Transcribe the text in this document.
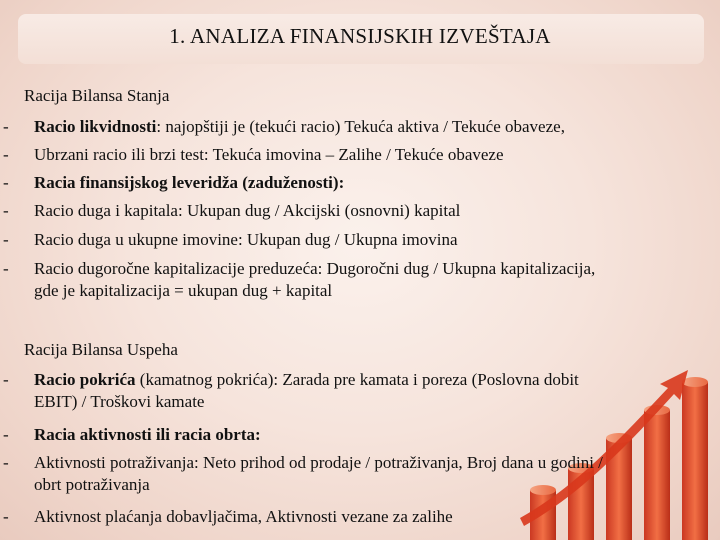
1. ANALIZA FINANSIJSKIH IZVEŠTAJA
Racija Bilansa Stanja
- Racio likvidnosti: najopštiji je (tekući racio) Tekuća aktiva / Tekuće obaveze,
- Ubrzani racio ili brzi test: Tekuća imovina – Zalihe / Tekuće obaveze
- Racia finansijskog leveridža (zaduženosti):
- Racio duga i kapitala: Ukupan dug / Akcijski (osnovni) kapital
- Racio duga u ukupne imovine: Ukupan dug / Ukupna imovina
- Racio dugoročne kapitalizacije preduzeća: Dugoročni dug / Ukupna kapitalizacija,
gde je kapitalizacija = ukupan dug + kapital
Racija Bilansa Uspeha
- Racio pokrića (kamatnog pokrića): Zarada pre kamata i poreza (Poslovna dobit
EBIT) / Troškovi kamate
- Racia aktivnosti ili racia obrta:
- Aktivnosti potraživanja: Neto prihod od prodaje / potraživanja, Broj dana u godini /
obrt potraživanja
- Aktivnost plaćanja dobavljačima, Aktivnosti vezane za zalihe
